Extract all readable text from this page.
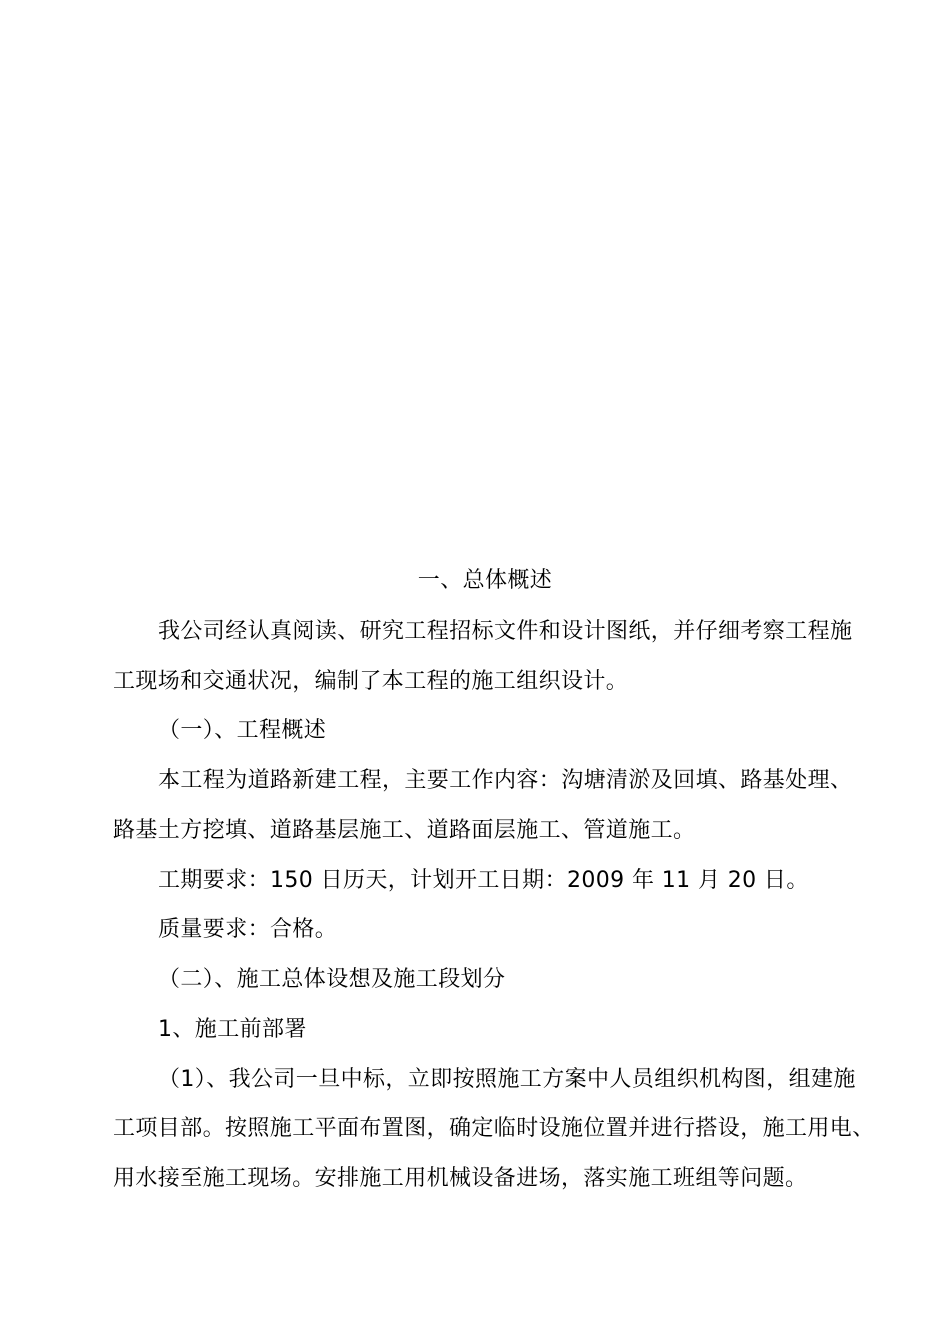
一、总体概述
我公司经认真阅读、研究工程招标文件和设计图纸，并仔细考察工程施
工现场和交通状况，编制了本工程的施工组织设计。
（一）、工程概述
本工程为道路新建工程，主要工作内容：沟塘清淤及回填、路基处理、
路基土方挖填、道路基层施工、道路面层施工、管道施工。
工期要求：150 日历天，计划开工日期：2009 年 11 月 20 日。
质量要求：合格。
（二）、施工总体设想及施工段划分
1、施工前部署
（1）、我公司一旦中标，立即按照施工方案中人员组织机构图，组建施
工项目部。按照施工平面布置图，确定临时设施位置并进行搭设，施工用电、
用水接至施工现场。安排施工用机械设备进场，落实施工班组等问题。
